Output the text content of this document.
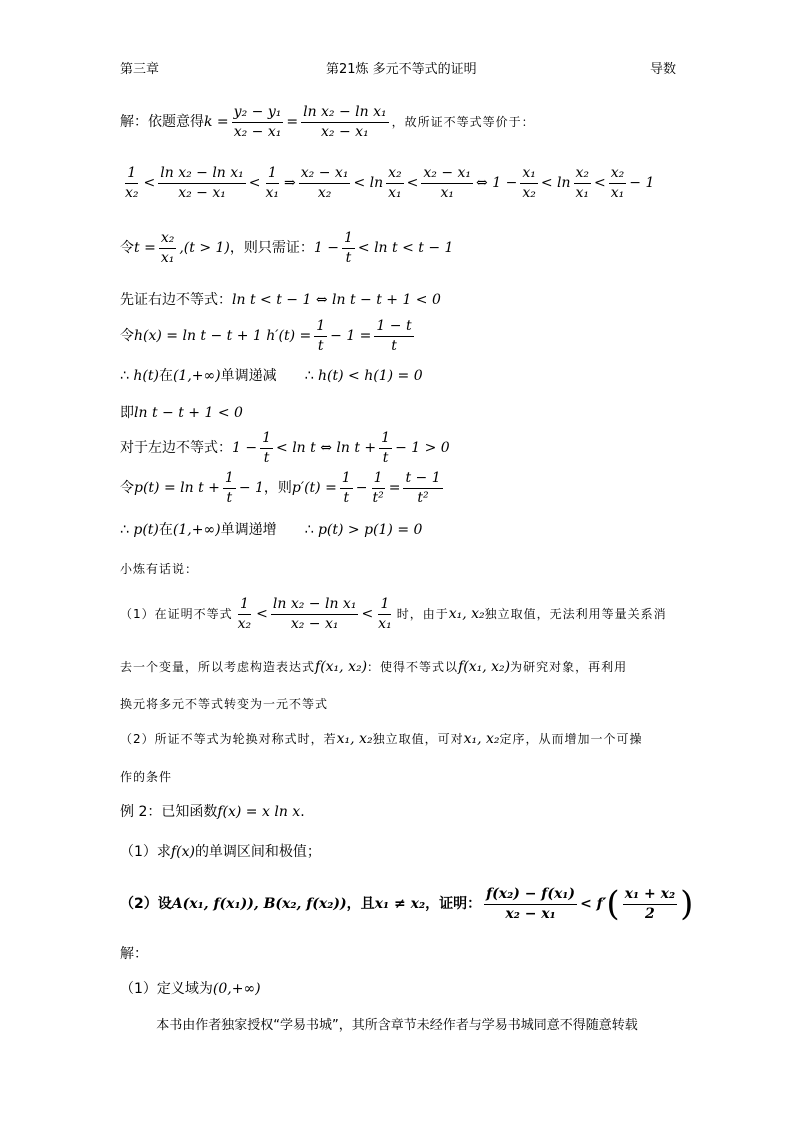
第三章	第21炼 多元不等式的证明	导数
解：依题意得 $k = \frac{\text{y₂ − y₁}}{\text{x₂ − x₁}} = \frac{\text{ln x₂ − ln x₁}}{\text{x₂ − x₁}}$ ，故所证不等式等价于：
$\frac{1}{\text{x₂}} < \frac{\text{ln x₂ − ln x₁}}{\text{x₂ − x₁}} < \frac{1}{\text{x₁}}$ ⇒ $\frac{\text{x₂ − x₁}}{\text{x₂}} < \ln \frac{\text{x₂}}{\text{x₁}} < \frac{\text{x₂ − x₁}}{\text{x₁}}$ ⇔ $1 - \frac{\text{x₁}}{\text{x₂}} < \ln \frac{\text{x₂}}{\text{x₁}} < \frac{\text{x₂}}{\text{x₁}} - 1$
令 $t = \frac{\text{x₂}}{\text{x₁}} ,(t > 1)$ ，则只需证： $1 - \frac{1}{t} < \ln t < t - 1$
先证右边不等式： ln t < t − 1 ⇔ ln t − t + 1 < 0
令 h(x) = ln t − t + 1 $h'(t) = \frac{1}{t} - 1 = \frac{1 - t}{t}$
∴
h(t) 在 (1,+∞) 单调递减 ∴
h(t) < h(1) = 0
即 ln t − t + 1 < 0
对于左边不等式： $1 - \frac{1}{t} < \ln t$ ⇔ $\ln t + \frac{1}{t} - 1 > 0$
令 $p(t) = \ln t + \frac{1}{t} - 1$ ，则 $p'(t) = \frac{1}{t} - \frac{1}{\text{t²}} = \frac{t - 1}{\text{t²}}$
∴
p(t) 在 (1,+∞) 单调递增 ∴
p(t) > p(1) = 0
小炼有话说：
（1）在证明不等式 $\frac{1}{\text{x₂}} < \frac{\text{ln x₂ − ln x₁}}{\text{x₂ − x₁}} < \frac{1}{\text{x₁}}$ 时，由于 x₁, x₂ 独立取值，无法利用等量关系消
去一个变量，所以考虑构造表达式 f(x₁, x₂) ：使得不等式以 f(x₁, x₂) 为研究对象，再利用
换元将多元不等式转变为一元不等式
（2）所证不等式为轮换对称式时，若 x₁, x₂ 独立取值，可对 x₁, x₂ 定序，从而增加一个可操
作的条件
例 2：已知函数 f(x) = x ln x .
（1）求 f(x) 的单调区间和极值；
（2）设 A(x₁, f(x₁)), B(x₂, f(x₂)) ，且 x₁ ≠ x₂ ，证明： $\frac{\text{f(x₂) − f(x₁)}}{\text{x₂ − x₁}} < f'$ ( $\frac{\text{x₁ + x₂}}{2}$ )
解：
（1）定义域为 (0,+∞)
本书由作者独家授权“学易书城”，其所含章节未经作者与学易书城同意不得随意转载
